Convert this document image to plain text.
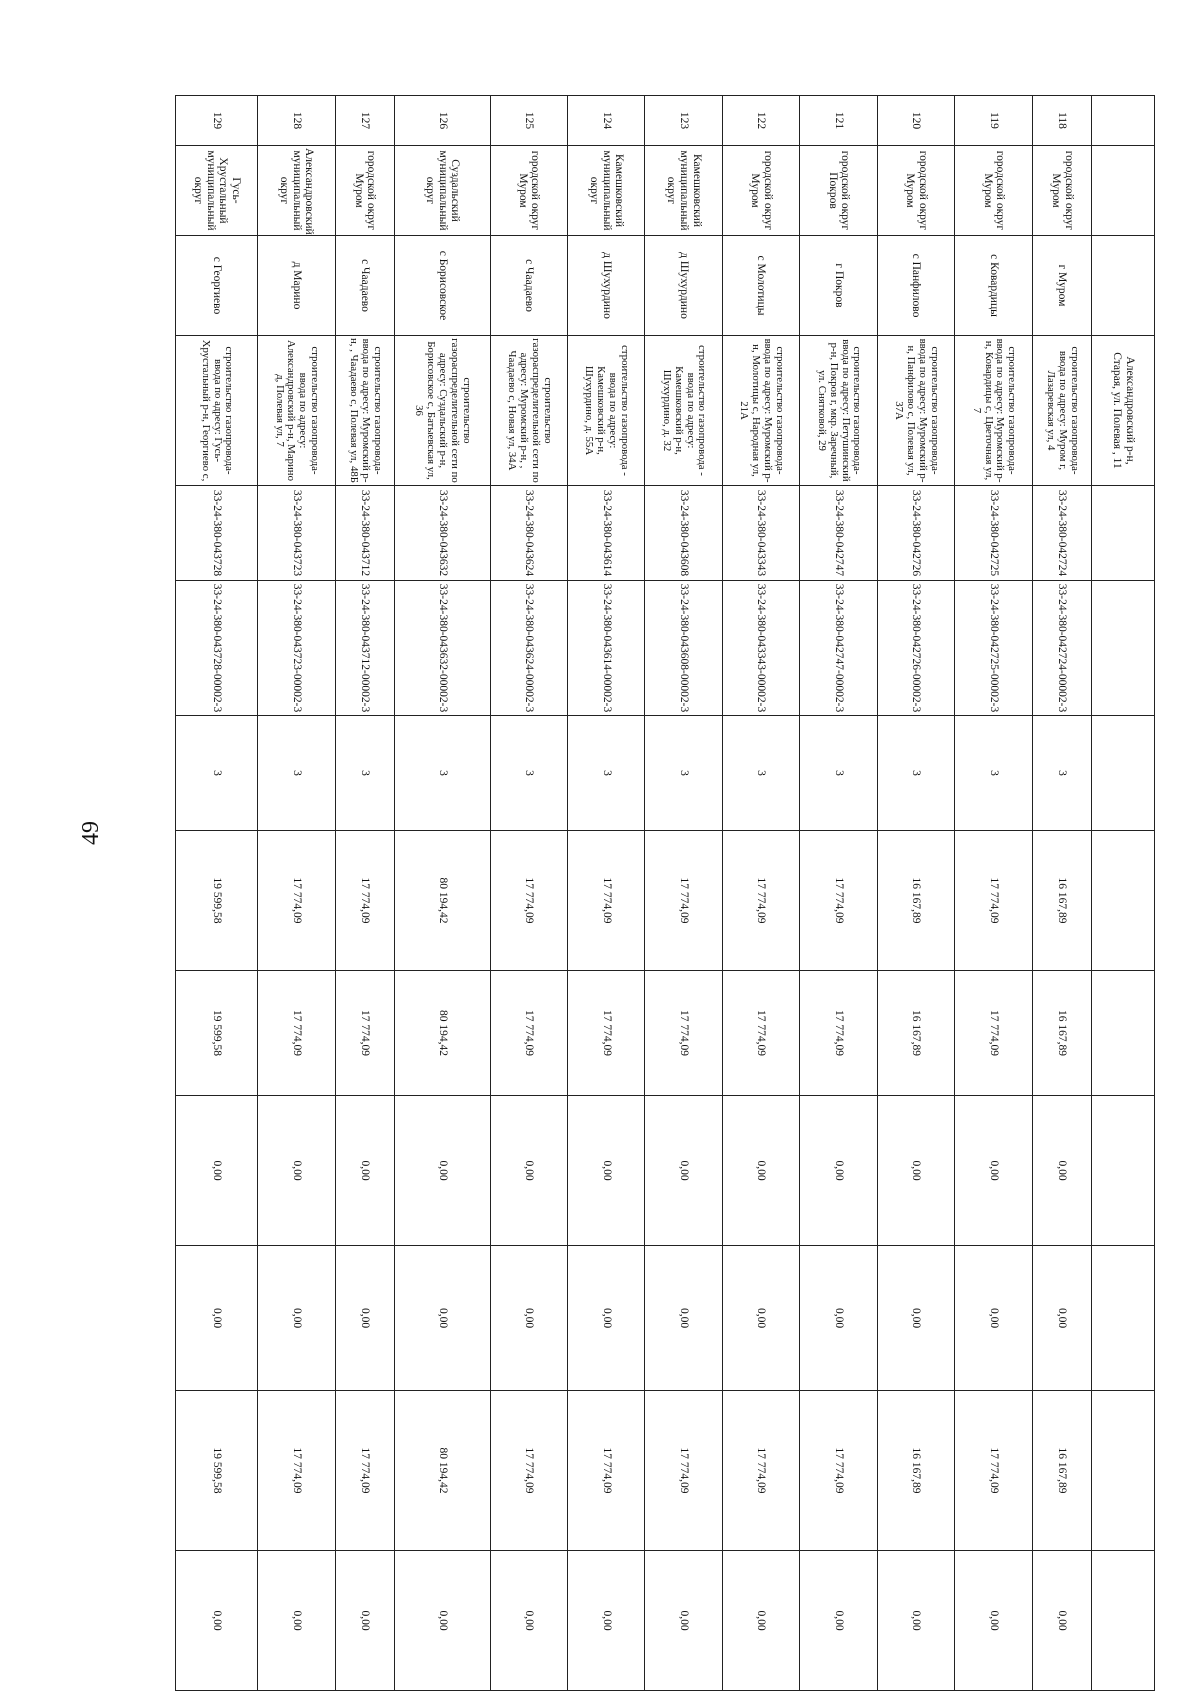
49
			Александровский р-н, Старая, ул. Полевая , 11									
118	городской округ Муром	г Муром	строительство газопровода-ввода по адресу: Муром г, Лазаревская ул, 4	33-24-380-042724	33-24-380-042724-00002-3	3	16 167,89	16 167,89	0,00	0,00	16 167,89	0,00
119	городской округ Муром	с Ковардицы	строительство газопровода-ввода по адресу: Муромский р-н, Ковардицы с, Цветочная ул, 7	33-24-380-042725	33-24-380-042725-00002-3	3	17 774,09	17 774,09	0,00	0,00	17 774,09	0,00
120	городской округ Муром	с Панфилово	строительство газопровода-ввода по адресу: Муромский р-н, Панфилово с, Полевая ул, 37А	33-24-380-042726	33-24-380-042726-00002-3	3	16 167,89	16 167,89	0,00	0,00	16 167,89	0,00
121	городской округ Покров	г Покров	строительство газопровода-ввода по адресу: Петушинский р-н, Покров г, мкр. Заречный, ул. Снятковой, 29	33-24-380-042747	33-24-380-042747-00002-3	3	17 774,09	17 774,09	0,00	0,00	17 774,09	0,00
122	городской округ Муром	с Молотицы	строительство газопровода-ввода по адресу: Муромский р-н, Молотицы с, Народная ул, 21А	33-24-380-043343	33-24-380-043343-00002-3	3	17 774,09	17 774,09	0,00	0,00	17 774,09	0,00
123	Камешковский муниципальный округ	д Шухурдино	строительство газопровода - ввода по адресу: Камешковский р-н, Шухурдино, д. 32	33-24-380-043608	33-24-380-043608-00002-3	3	17 774,09	17 774,09	0,00	0,00	17 774,09	0,00
124	Камешковский муниципальный округ	д Шухурдино	строительство газопровода - ввода по адресу: Камешковский р-н, Шухурдино, д. 55А	33-24-380-043614	33-24-380-043614-00002-3	3	17 774,09	17 774,09	0,00	0,00	17 774,09	0,00
125	городской округ Муром	с Чаадаево	строительство газораспределительной сети по адресу: Муромский р-н, , Чаадаево с, Новая ул, 34А	33-24-380-043624	33-24-380-043624-00002-3	3	17 774,09	17 774,09	0,00	0,00	17 774,09	0,00
126	Суздальский муниципальный округ	с Борисовское	строительство газораспределительной сети по адресу: Суздальский р-н, Борисовское с, Батыевская ул, 36	33-24-380-043632	33-24-380-043632-00002-3	3	80 194,42	80 194,42	0,00	0,00	80 194,42	0,00
127	городской округ Муром	с Чаадаево	строительство газопровода-ввода по адресу: Муромский р-н, , Чаадаево с, Полевая ул, 48Б	33-24-380-043712	33-24-380-043712-00002-3	3	17 774,09	17 774,09	0,00	0,00	17 774,09	0,00
128	Александровский муниципальный округ	д Марино	строительство газопровода-ввода по адресу: Александровский р-н, Марино д, Полевая ул, 7	33-24-380-043723	33-24-380-043723-00002-3	3	17 774,09	17 774,09	0,00	0,00	17 774,09	0,00
129	Гусь-Хрустальный муниципальный округ	с Георгиево	строительство газопровода-ввода по адресу: Гусь-Хрустальный р-н, Георгиево с,	33-24-380-043728	33-24-380-043728-00002-3	3	19 599,58	19 599,58	0,00	0,00	19 599,58	0,00
